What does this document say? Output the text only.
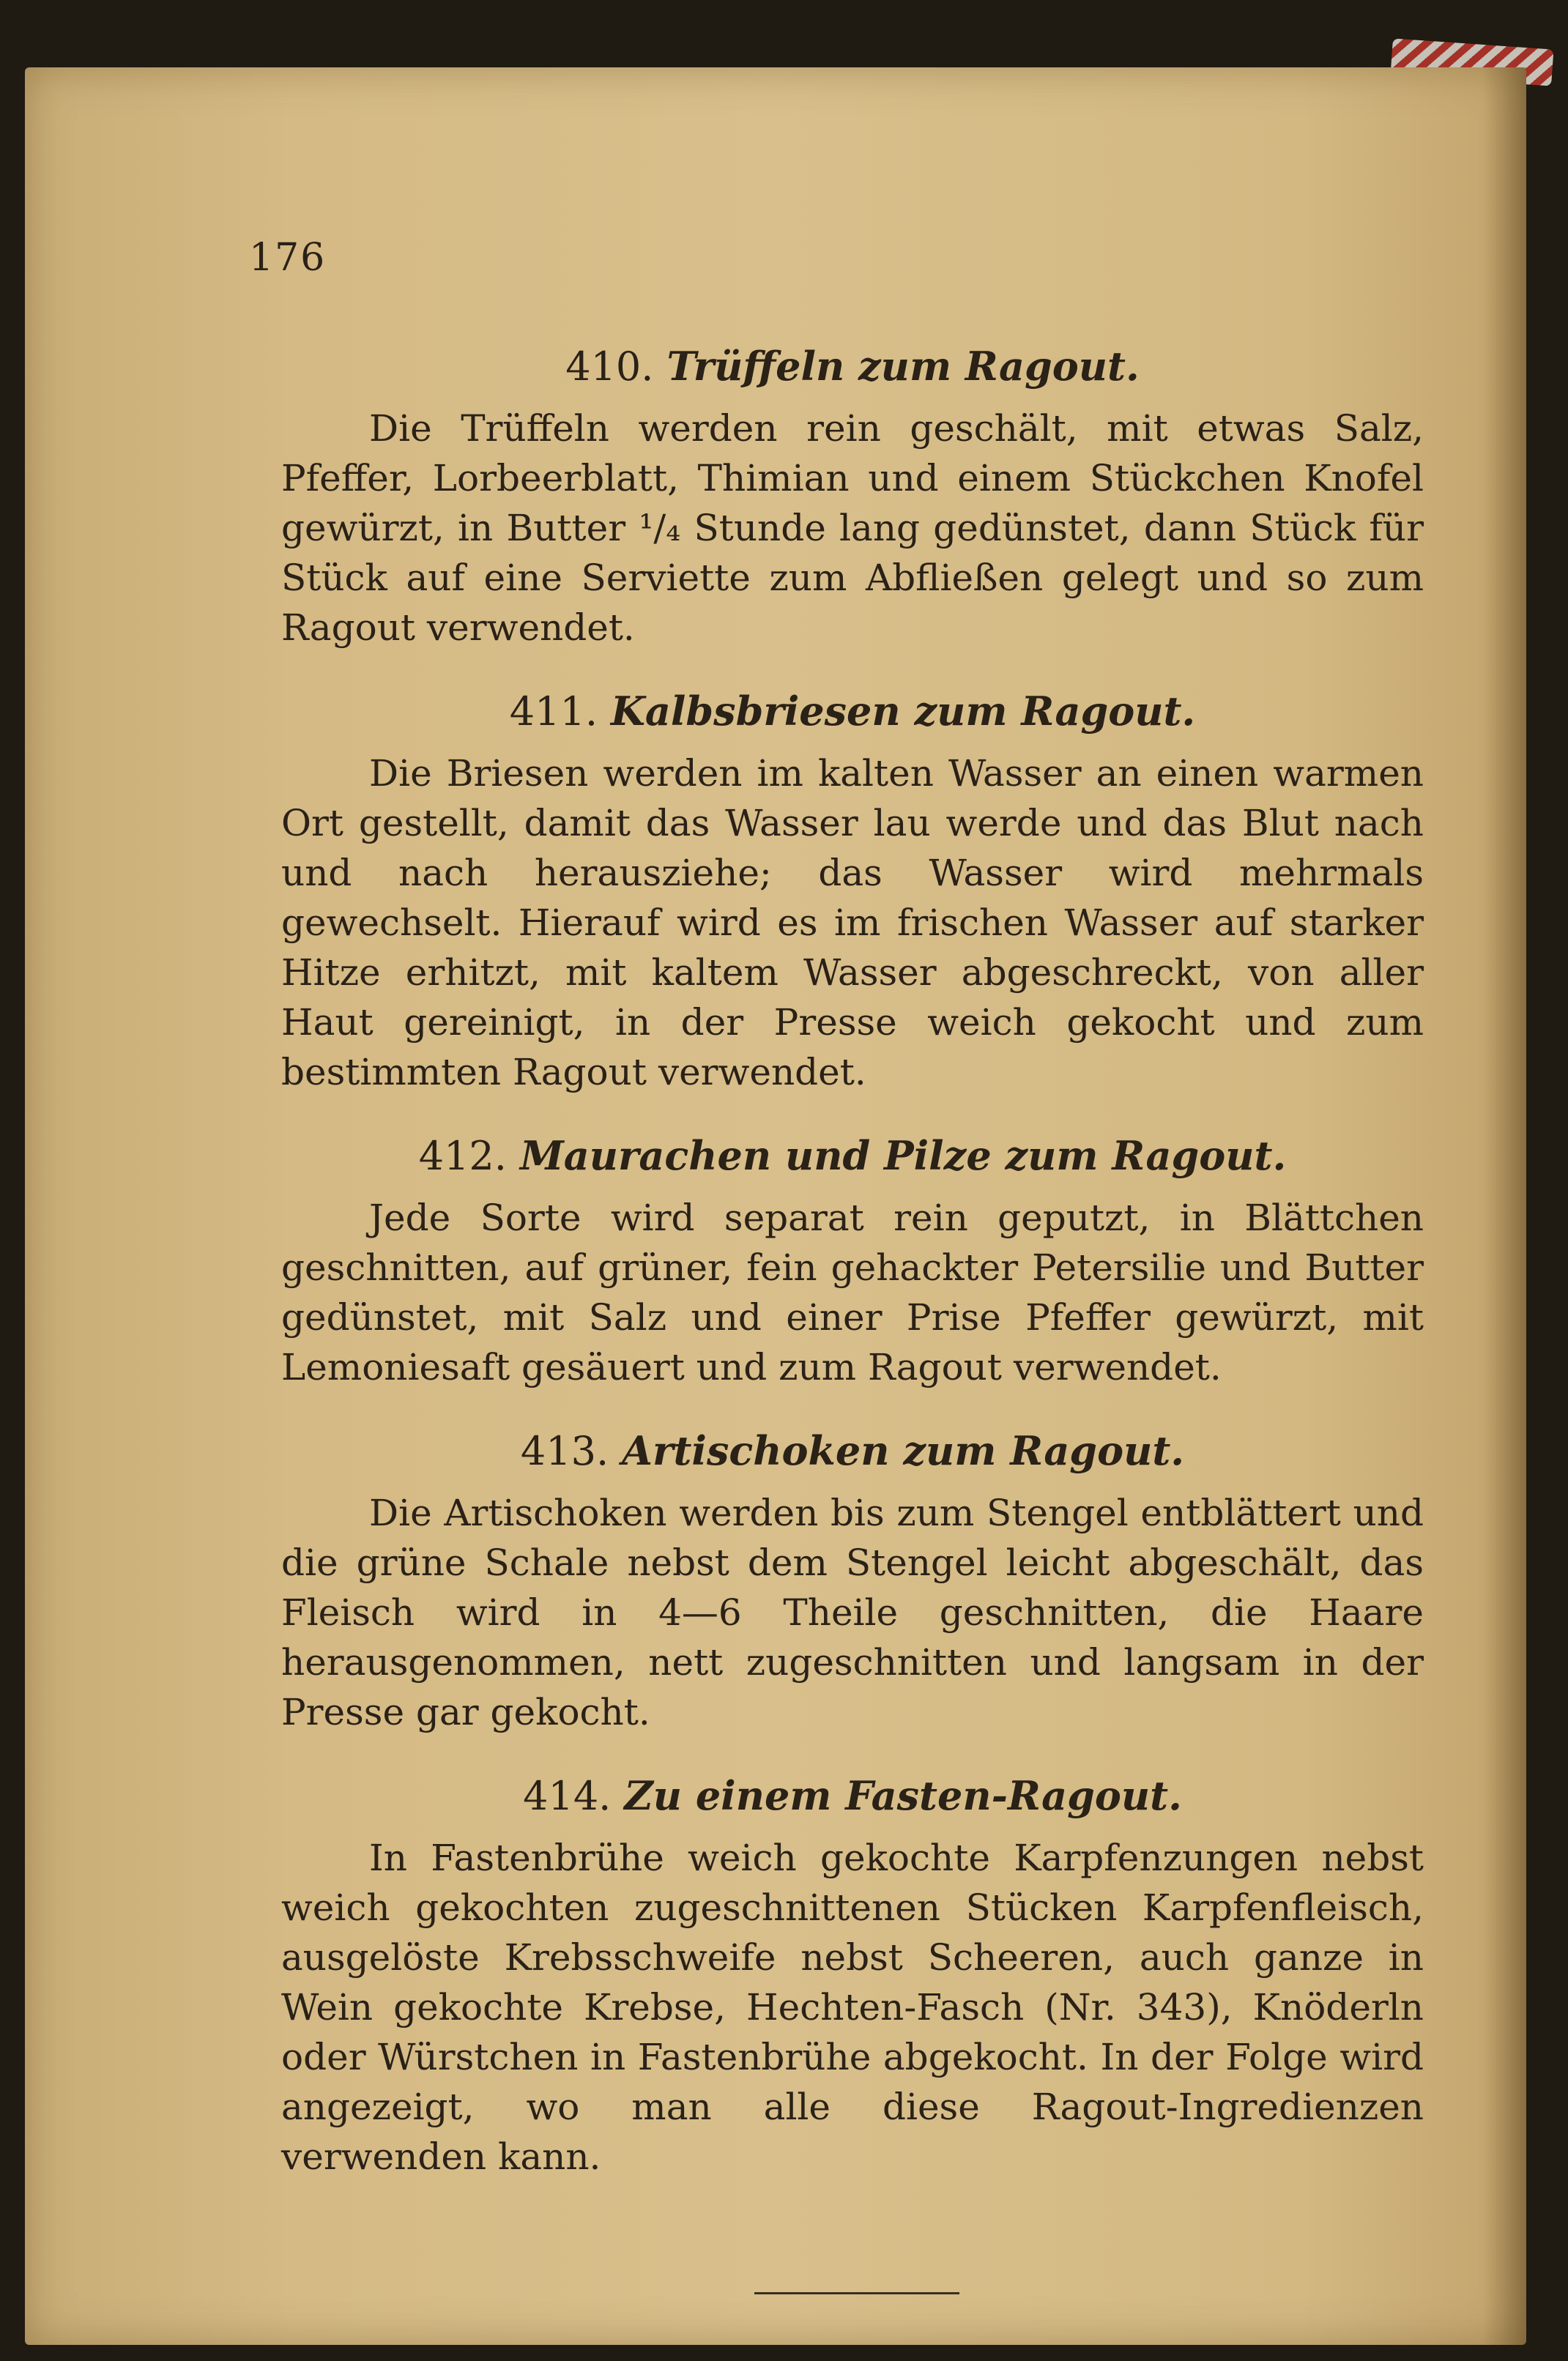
176
410. Trüffeln zum Ragout.

Die Trüffeln werden rein geschält, mit etwas Salz, Pfeffer, Lorbeerblatt, Thimian und einem Stückchen Knofel gewürzt, in Butter ¹/₄ Stunde lang gedünstet, dann Stück für Stück auf eine Serviette zum Abfließen gelegt und so zum Ragout verwendet.

411. Kalbsbriesen zum Ragout.

Die Briesen werden im kalten Wasser an einen warmen Ort gestellt, damit das Wasser lau werde und das Blut nach und nach herausziehe; das Wasser wird mehrmals gewechselt. Hierauf wird es im frischen Wasser auf starker Hitze erhitzt, mit kaltem Wasser abgeschreckt, von aller Haut gereinigt, in der Presse weich gekocht und zum bestimmten Ragout verwendet.

412. Maurachen und Pilze zum Ragout.

Jede Sorte wird separat rein geputzt, in Blättchen geschnitten, auf grüner, fein gehackter Petersilie und Butter gedünstet, mit Salz und einer Prise Pfeffer gewürzt, mit Lemoniesaft gesäuert und zum Ragout verwendet.

413. Artischoken zum Ragout.

Die Artischoken werden bis zum Stengel entblättert und die grüne Schale nebst dem Stengel leicht abgeschält, das Fleisch wird in 4—6 Theile geschnitten, die Haare herausgenommen, nett zugeschnitten und langsam in der Presse gar gekocht.

414. Zu einem Fasten-Ragout.

In Fastenbrühe weich gekochte Karpfenzungen nebst weich gekochten zugeschnittenen Stücken Karpfenfleisch, ausgelöste Krebsschweife nebst Scheeren, auch ganze in Wein gekochte Krebse, Hechten-Fasch (Nr. 343), Knöderln oder Würstchen in Fastenbrühe abgekocht. In der Folge wird angezeigt, wo man alle diese Ragout-Ingredienzen verwenden kann.
